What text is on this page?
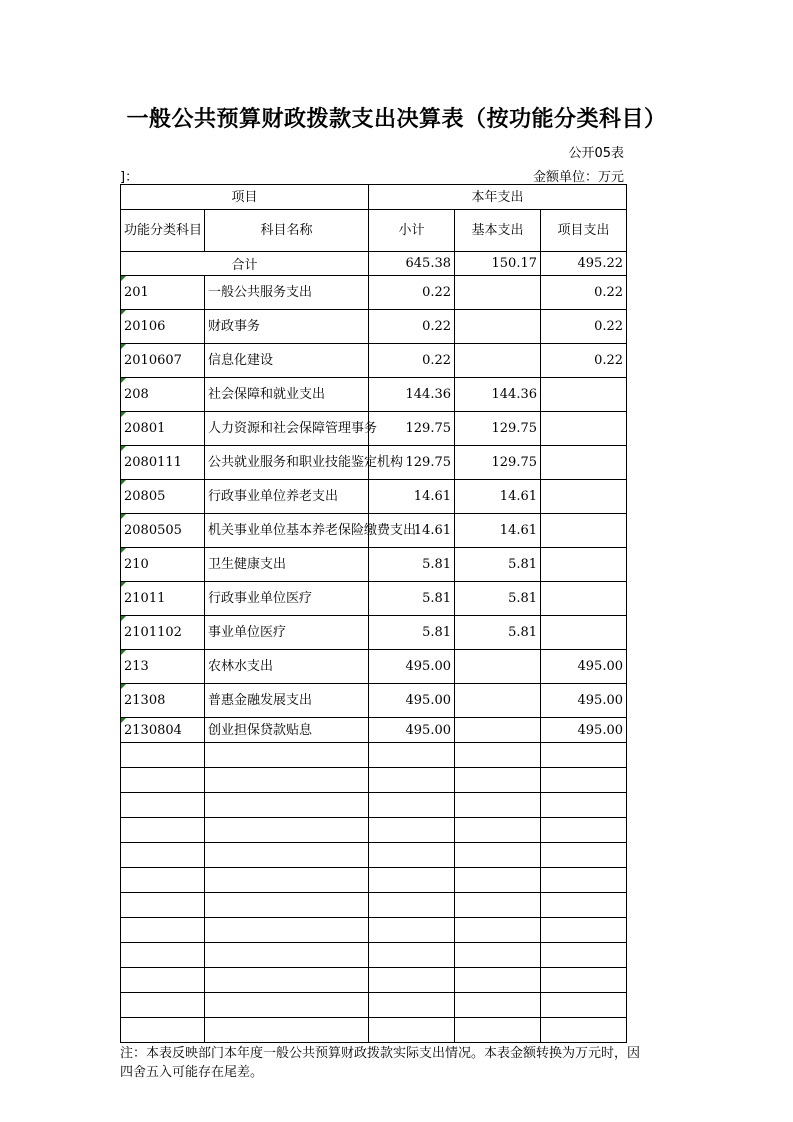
一般公共预算财政拨款支出决算表（按功能分类科目）
公开05表
]：	金额单位：万元
项目		本年支出		
功能分类科目	科目名称	小计	基本支出	项目支出
合计		645.38	150.17	495.22

201	一般公共服务支出	0.22		0.22

20106	财政事务	0.22		0.22

2010607	信息化建设	0.22		0.22

208	社会保障和就业支出	144.36	144.36	

20801	人力资源和社会保障管理事务	129.75	129.75	

2080111	公共就业服务和职业技能鉴定机构	129.75	129.75	

20805	行政事业单位养老支出	14.61	14.61	

2080505	机关事业单位基本养老保险缴费支出	14.61	14.61	

210	卫生健康支出	5.81	5.81	

21011	行政事业单位医疗	5.81	5.81	

2101102	事业单位医疗	5.81	5.81	

213	农林水支出	495.00		495.00

21308	普惠金融发展支出	495.00		495.00

2130804	创业担保贷款贴息	495.00		495.00

注：本表反映部门本年度一般公共预算财政拨款实际支出情况。本表金额转换为万元时，因四舍五入可能存在尾差。
